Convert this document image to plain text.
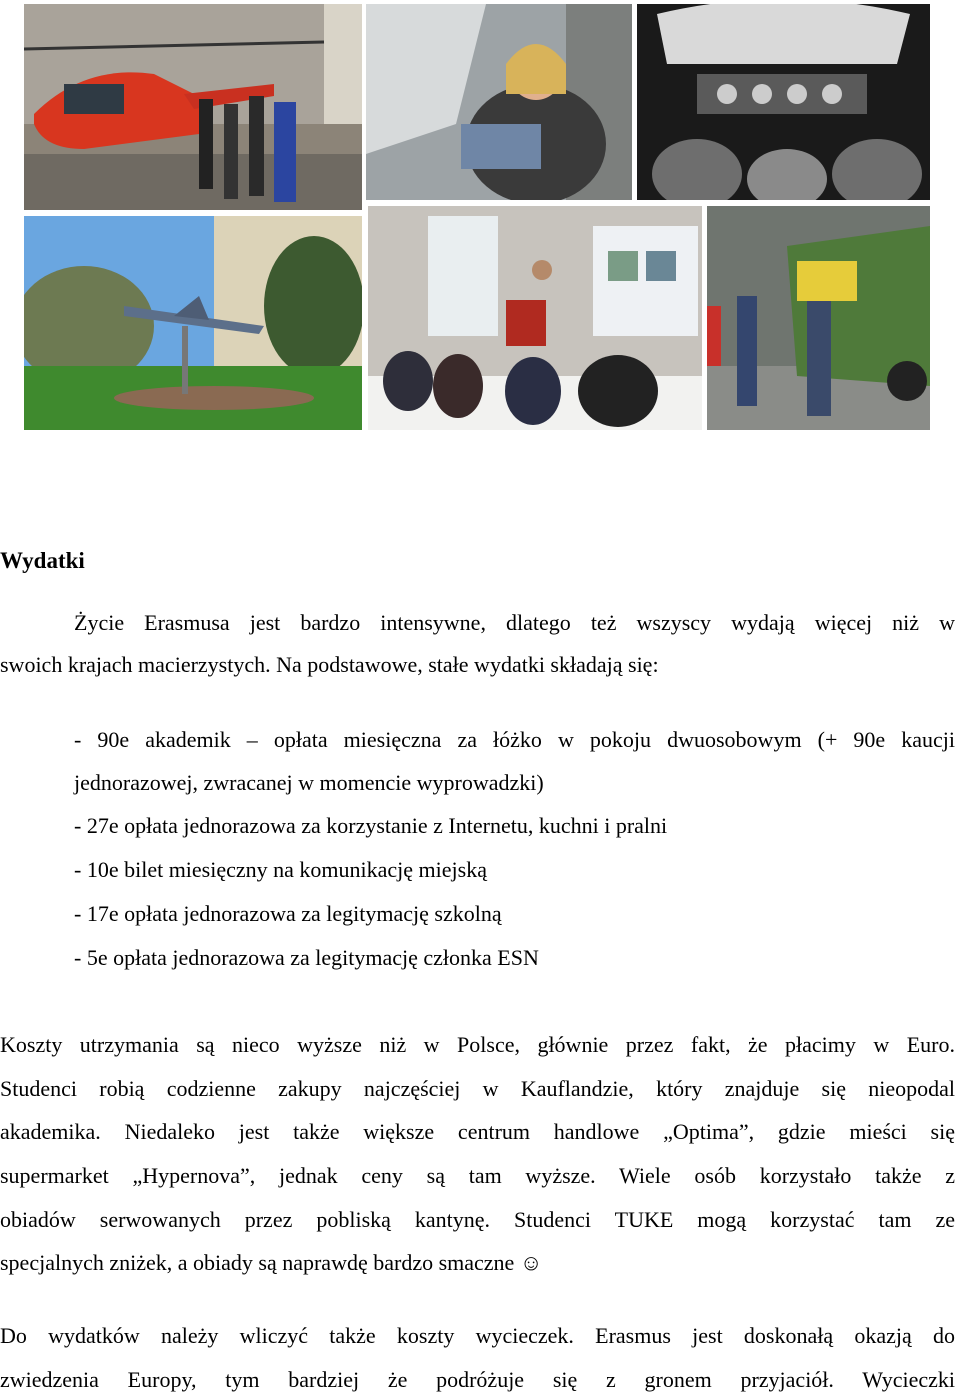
Wydatki
Życie Erasmusa jest bardzo intensywne, dlatego też wszyscy wydają więcej niż w
swoich krajach macierzystych. Na podstawowe, stałe wydatki składają się:
- 90e akademik – opłata miesięczna za łóżko w pokoju dwuosobowym (+ 90e kaucji
jednorazowej, zwracanej w momencie wyprowadzki)
- 27e opłata jednorazowa za korzystanie z Internetu, kuchni i pralni
- 10e bilet miesięczny na komunikację miejską
- 17e opłata jednorazowa za legitymację szkolną
- 5e opłata jednorazowa za legitymację członka ESN
Koszty utrzymania są nieco wyższe niż w Polsce, głównie przez fakt, że płacimy w Euro.
Studenci robią codzienne zakupy najczęściej w Kauflandzie, który znajduje się nieopodal
akademika. Niedaleko jest także większe centrum handlowe „Optima”, gdzie mieści się
supermarket „Hypernova”, jednak ceny są tam wyższe. Wiele osób korzystało także z
obiadów serwowanych przez pobliską kantynę. Studenci TUKE mogą korzystać tam ze
specjalnych zniżek, a obiady są naprawdę bardzo smaczne ☺
Do wydatków należy wliczyć także koszty wycieczek. Erasmus jest doskonałą okazją do
zwiedzenia Europy, tym bardziej że podróżuje się z gronem przyjaciół. Wycieczki
